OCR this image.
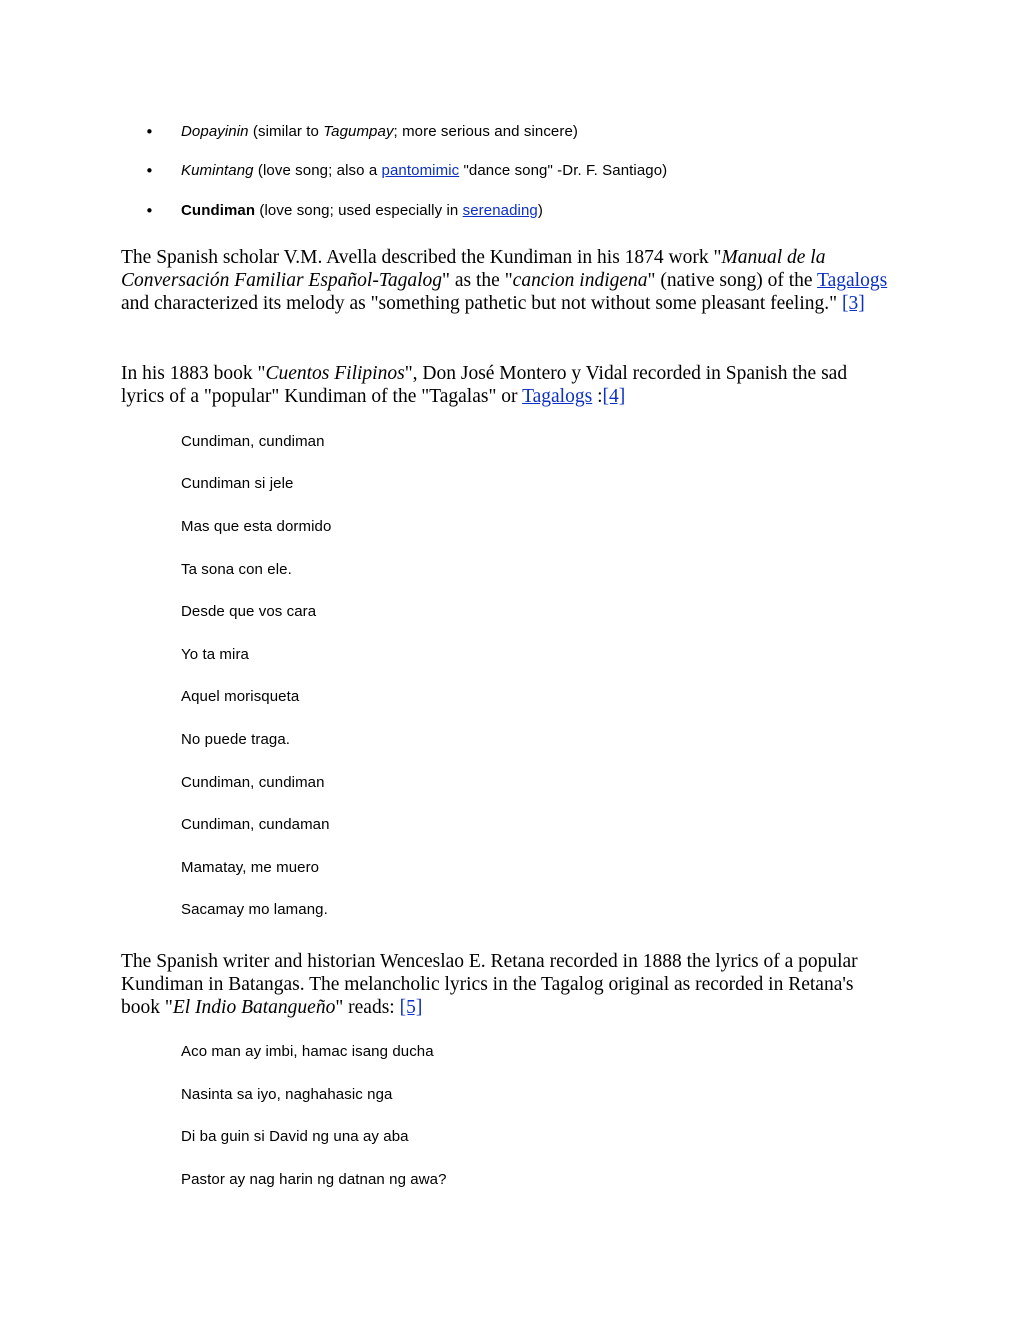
• Dopayinin (similar to Tagumpay; more serious and sincere)
• Kumintang (love song; also a pantomimic "dance song" -Dr. F. Santiago)
• Cundiman (love song; used especially in serenading)

The Spanish scholar V.M. Avella described the Kundiman in his 1874 work "Manual de la Conversación Familiar Español-Tagalog" as the "cancion indigena" (native song) of the Tagalogs and characterized its melody as "something pathetic but not without some pleasant feeling." [3]

In his 1883 book "Cuentos Filipinos", Don José Montero y Vidal recorded in Spanish the sad lyrics of a "popular" Kundiman of the "Tagalas" or Tagalogs :[4]

Cundiman, cundiman
Cundiman si jele
Mas que esta dormido
Ta sona con ele.
Desde que vos cara
Yo ta mira
Aquel morisqueta
No puede traga.
Cundiman, cundiman
Cundiman, cundaman
Mamatay, me muero
Sacamay mo lamang.

The Spanish writer and historian Wenceslao E. Retana recorded in 1888 the lyrics of a popular Kundiman in Batangas. The melancholic lyrics in the Tagalog original as recorded in Retana's book "El Indio Batangueño" reads: [5]

Aco man ay imbi, hamac isang ducha
Nasinta sa iyo, naghahasic nga
Di ba guin si David ng una ay aba
Pastor ay nag harin ng datnan ng awa?
